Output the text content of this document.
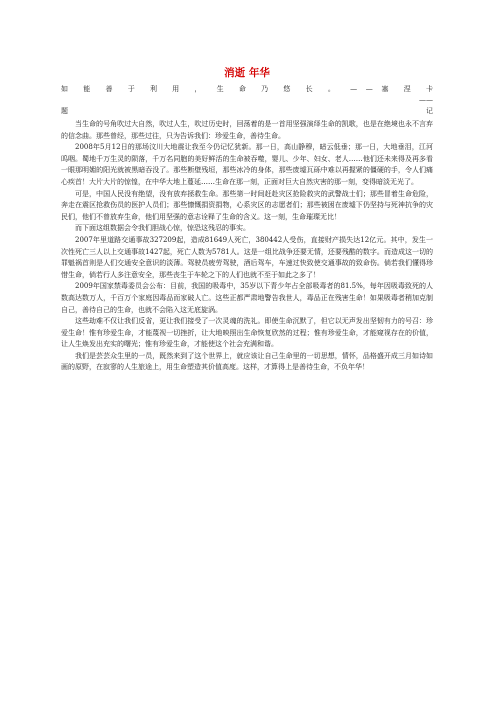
消逝 年华
如 能 善 于 利 用 ， 生 命 乃 悠 长 。 — — 塞 涅 卡
——
题	记

当生命的号角吹过大自然，吹过人生，吹过历史时，回荡着的是一首用坚强演绎生命的凯歌，也是在绝境也永不言弃的信念曲。那些曾经，那些过往，只为告诉我们：珍爱生命，善待生命。

2008年5月12日的那场汶川大地震让我至今仍记忆犹新。那一日，高山静穆，暗云低垂；那一日，大地垂泪，江河呜咽。蜀地千万生灵的陨落，千万名同胞的美好鲜活的生命被吞噬，婴儿、少年、妇女、老人……他们还未来得及再多看一眼那明媚的阳光就被黑暗吞没了。那些断壁残垣，那些冰冷的身体，那些废墟瓦砾中难以再握紧的僵硬的手，令人们痛心疾首！大片大片的惊惶，在中华大地上蔓延……生命在那一刻，正面对巨大自然灾害的那一刻，变得暗淡无光了。

可是，中国人民没有绝望，没有放弃拯救生命。那些第一时间赶赴灾区抢险救灾的武警战士们；那些冒着生命危险，奔走在震区抢救伤员的医护人员们；那些慷慨捐资捐物，心系灾区的志愿者们；那些被困在废墟下仍坚持与死神抗争的灾民们，他们不曾放弃生命，他们用坚强的意志诠释了生命的含义。这一刻，生命璀璨无比！

而下面这组数据会令我们胆战心惊，惊恐这残忍的事实。

2007年里道路交通事故327209起，造成81649人死亡，380442人受伤，直接财产损失达12亿元。其中，发生一次性死亡三人以上交通事故1427起，死亡人数为5781人。这是一组比战争还要无情，还要残酷的数字。而造成这一切的罪魁祸首则是人们交通安全意识的淡薄。驾驶员疲劳驾驶，酒后驾车，车速过快致使交通事故的致命伤。倘若我们懂得珍惜生命，倘若行人多注意安全，那些丧生于车轮之下的人们也就不至于如此之多了！

2009年国家禁毒委员会公布：目前，我国的吸毒中，35岁以下青少年占全部吸毒者的81.5%，每年因吸毒致死的人数高达数万人，千百万个家庭因毒品而家破人亡。这些正都严肃地警告我世人，毒品正在残害生命！如果吸毒者稍加克制自己，善待自己的生命，也就不会陷入这无底旋涡。

这些劫难不仅让我们反省，更让我们接受了一次灵魂的洗礼。即使生命沉默了，但它以无声发出坚韧有力的号召：珍爱生命！惟有珍爱生命，才能蔑视一切挫折，让大地映照出生命恢复欣然的过程；惟有珍爱生命，才能窥视存在的价值，让人生焕发出充实的曙光；惟有珍爱生命，才能使这个社会充满和谐。

我们是芸芸众生里的一员，既然来到了这个世界上，就应该让自己生命里的一切思想，情怀，品格盛开成三月如诗如画的原野，在寂寥的人生旅途上，用生命塑造其价值高度。这样，才算得上是善待生命，不负年华！
